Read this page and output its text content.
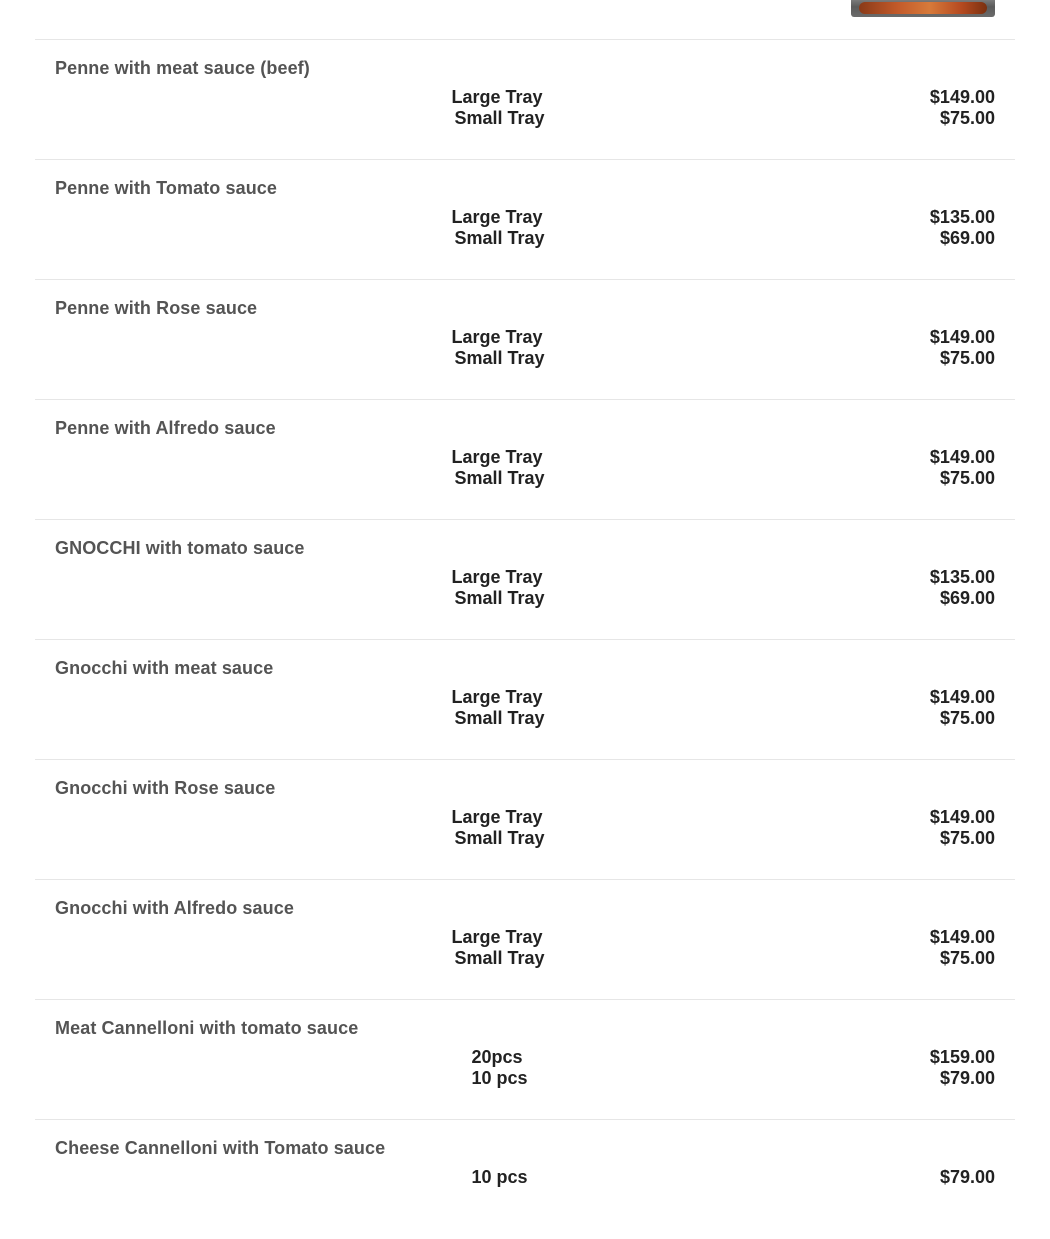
Penne with meat sauce (beef)
Large Tray	$149.00
Small Tray	$75.00
Penne with Tomato sauce
Large Tray	$135.00
Small Tray	$69.00
Penne with Rose sauce
Large Tray	$149.00
Small Tray	$75.00
Penne with Alfredo sauce
Large Tray	$149.00
Small Tray	$75.00
GNOCCHI with tomato sauce
Large Tray	$135.00
Small Tray	$69.00
Gnocchi with meat sauce
Large Tray	$149.00
Small Tray	$75.00
Gnocchi with Rose sauce
Large Tray	$149.00
Small Tray	$75.00
Gnocchi with Alfredo sauce
Large Tray	$149.00
Small Tray	$75.00
Meat Cannelloni with tomato sauce
20pcs	$159.00
10 pcs	$79.00
Cheese Cannelloni with Tomato sauce
10 pcs	$79.00
